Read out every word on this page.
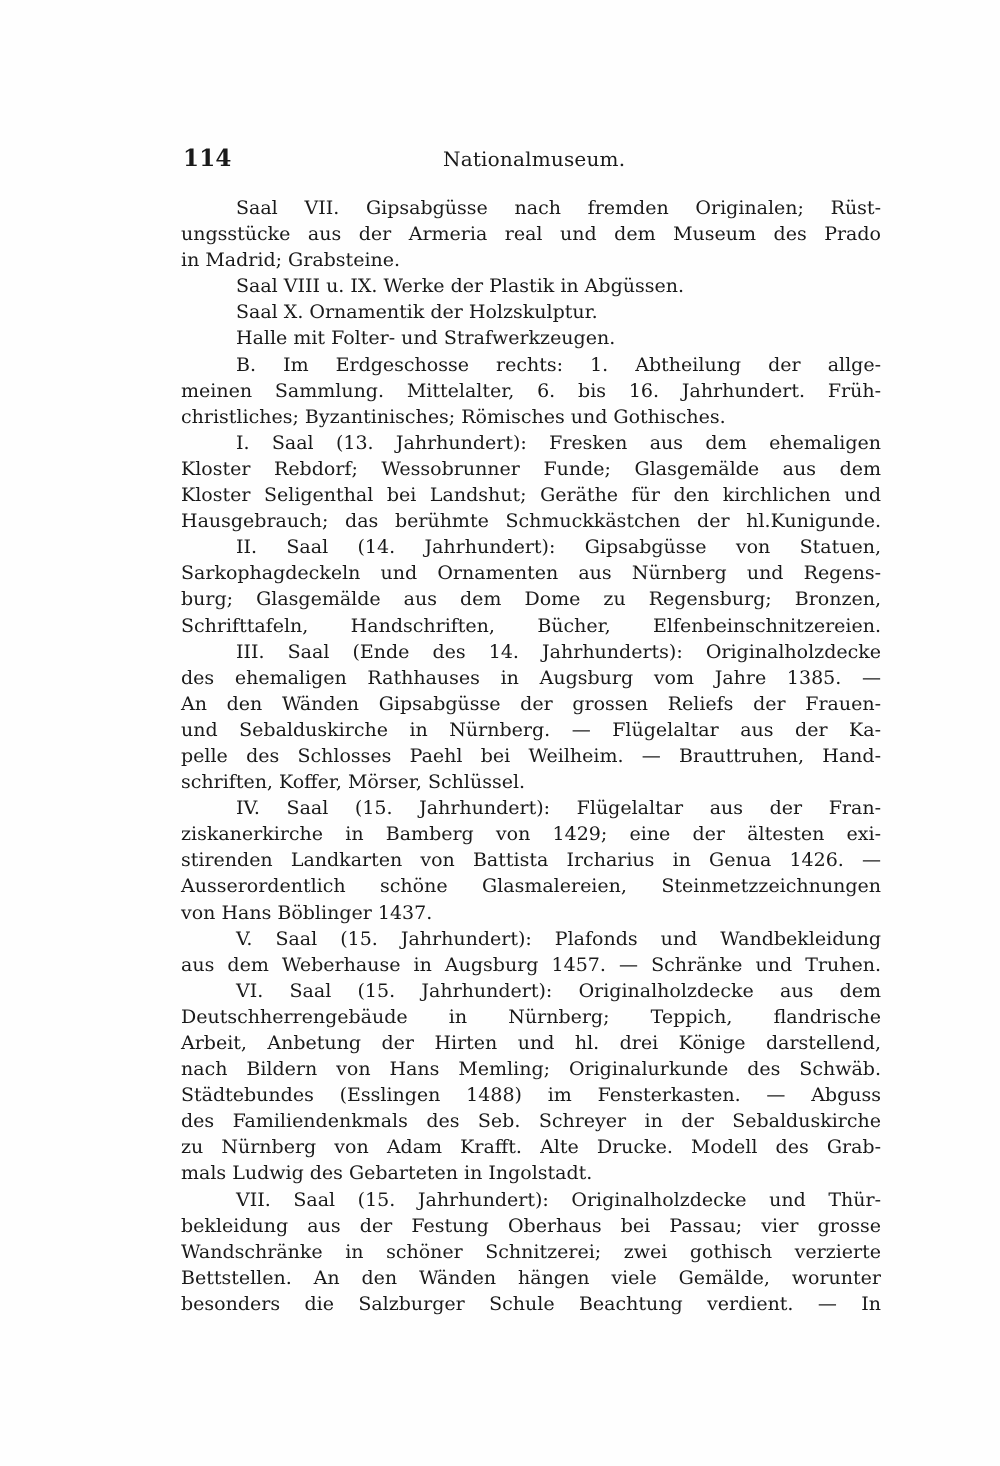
114	Nationalmuseum.
Saal VII. Gipsabgüsse nach fremden Originalen; Rüst-
ungsstücke aus der Armeria real und dem Museum des Prado
in Madrid; Grabsteine.
Saal VIII u. IX. Werke der Plastik in Abgüssen.
Saal X. Ornamentik der Holzskulptur.
Halle mit Folter- und Strafwerkzeugen.
B. Im Erdgeschosse rechts: 1. Abtheilung der allge-
meinen Sammlung. Mittelalter, 6. bis 16. Jahrhundert. Früh-
christliches; Byzantinisches; Römisches und Gothisches.
I. Saal (13. Jahrhundert): Fresken aus dem ehemaligen
Kloster Rebdorf; Wessobrunner Funde; Glasgemälde aus dem
Kloster Seligenthal bei Landshut; Geräthe für den kirchlichen und
Hausgebrauch; das berühmte Schmuckkästchen der hl.Kunigunde.
II. Saal (14. Jahrhundert): Gipsabgüsse von Statuen,
Sarkophagdeckeln und Ornamenten aus Nürnberg und Regens-
burg; Glasgemälde aus dem Dome zu Regensburg; Bronzen,
Schrifttafeln, Handschriften, Bücher, Elfenbeinschnitzereien.
III. Saal (Ende des 14. Jahrhunderts): Originalholzdecke
des ehemaligen Rathhauses in Augsburg vom Jahre 1385. —
An den Wänden Gipsabgüsse der grossen Reliefs der Frauen-
und Sebalduskirche in Nürnberg. — Flügelaltar aus der Ka-
pelle des Schlosses Paehl bei Weilheim. — Brauttruhen, Hand-
schriften, Koffer, Mörser, Schlüssel.
IV. Saal (15. Jahrhundert): Flügelaltar aus der Fran-
ziskanerkirche in Bamberg von 1429; eine der ältesten exi-
stirenden Landkarten von Battista Ircharius in Genua 1426. —
Ausserordentlich schöne Glasmalereien, Steinmetzzeichnungen
von Hans Böblinger 1437.
V. Saal (15. Jahrhundert): Plafonds und Wandbekleidung
aus dem Weberhause in Augsburg 1457. — Schränke und Truhen.
VI. Saal (15. Jahrhundert): Originalholzdecke aus dem
Deutschherrengebäude in Nürnberg; Teppich, flandrische
Arbeit, Anbetung der Hirten und hl. drei Könige darstellend,
nach Bildern von Hans Memling; Originalurkunde des Schwäb.
Städtebundes (Esslingen 1488) im Fensterkasten. — Abguss
des Familiendenkmals des Seb. Schreyer in der Sebalduskirche
zu Nürnberg von Adam Krafft. Alte Drucke. Modell des Grab-
mals Ludwig des Gebarteten in Ingolstadt.
VII. Saal (15. Jahrhundert): Originalholzdecke und Thür-
bekleidung aus der Festung Oberhaus bei Passau; vier grosse
Wandschränke in schöner Schnitzerei; zwei gothisch verzierte
Bettstellen. An den Wänden hängen viele Gemälde, worunter
besonders die Salzburger Schule Beachtung verdient. — In
